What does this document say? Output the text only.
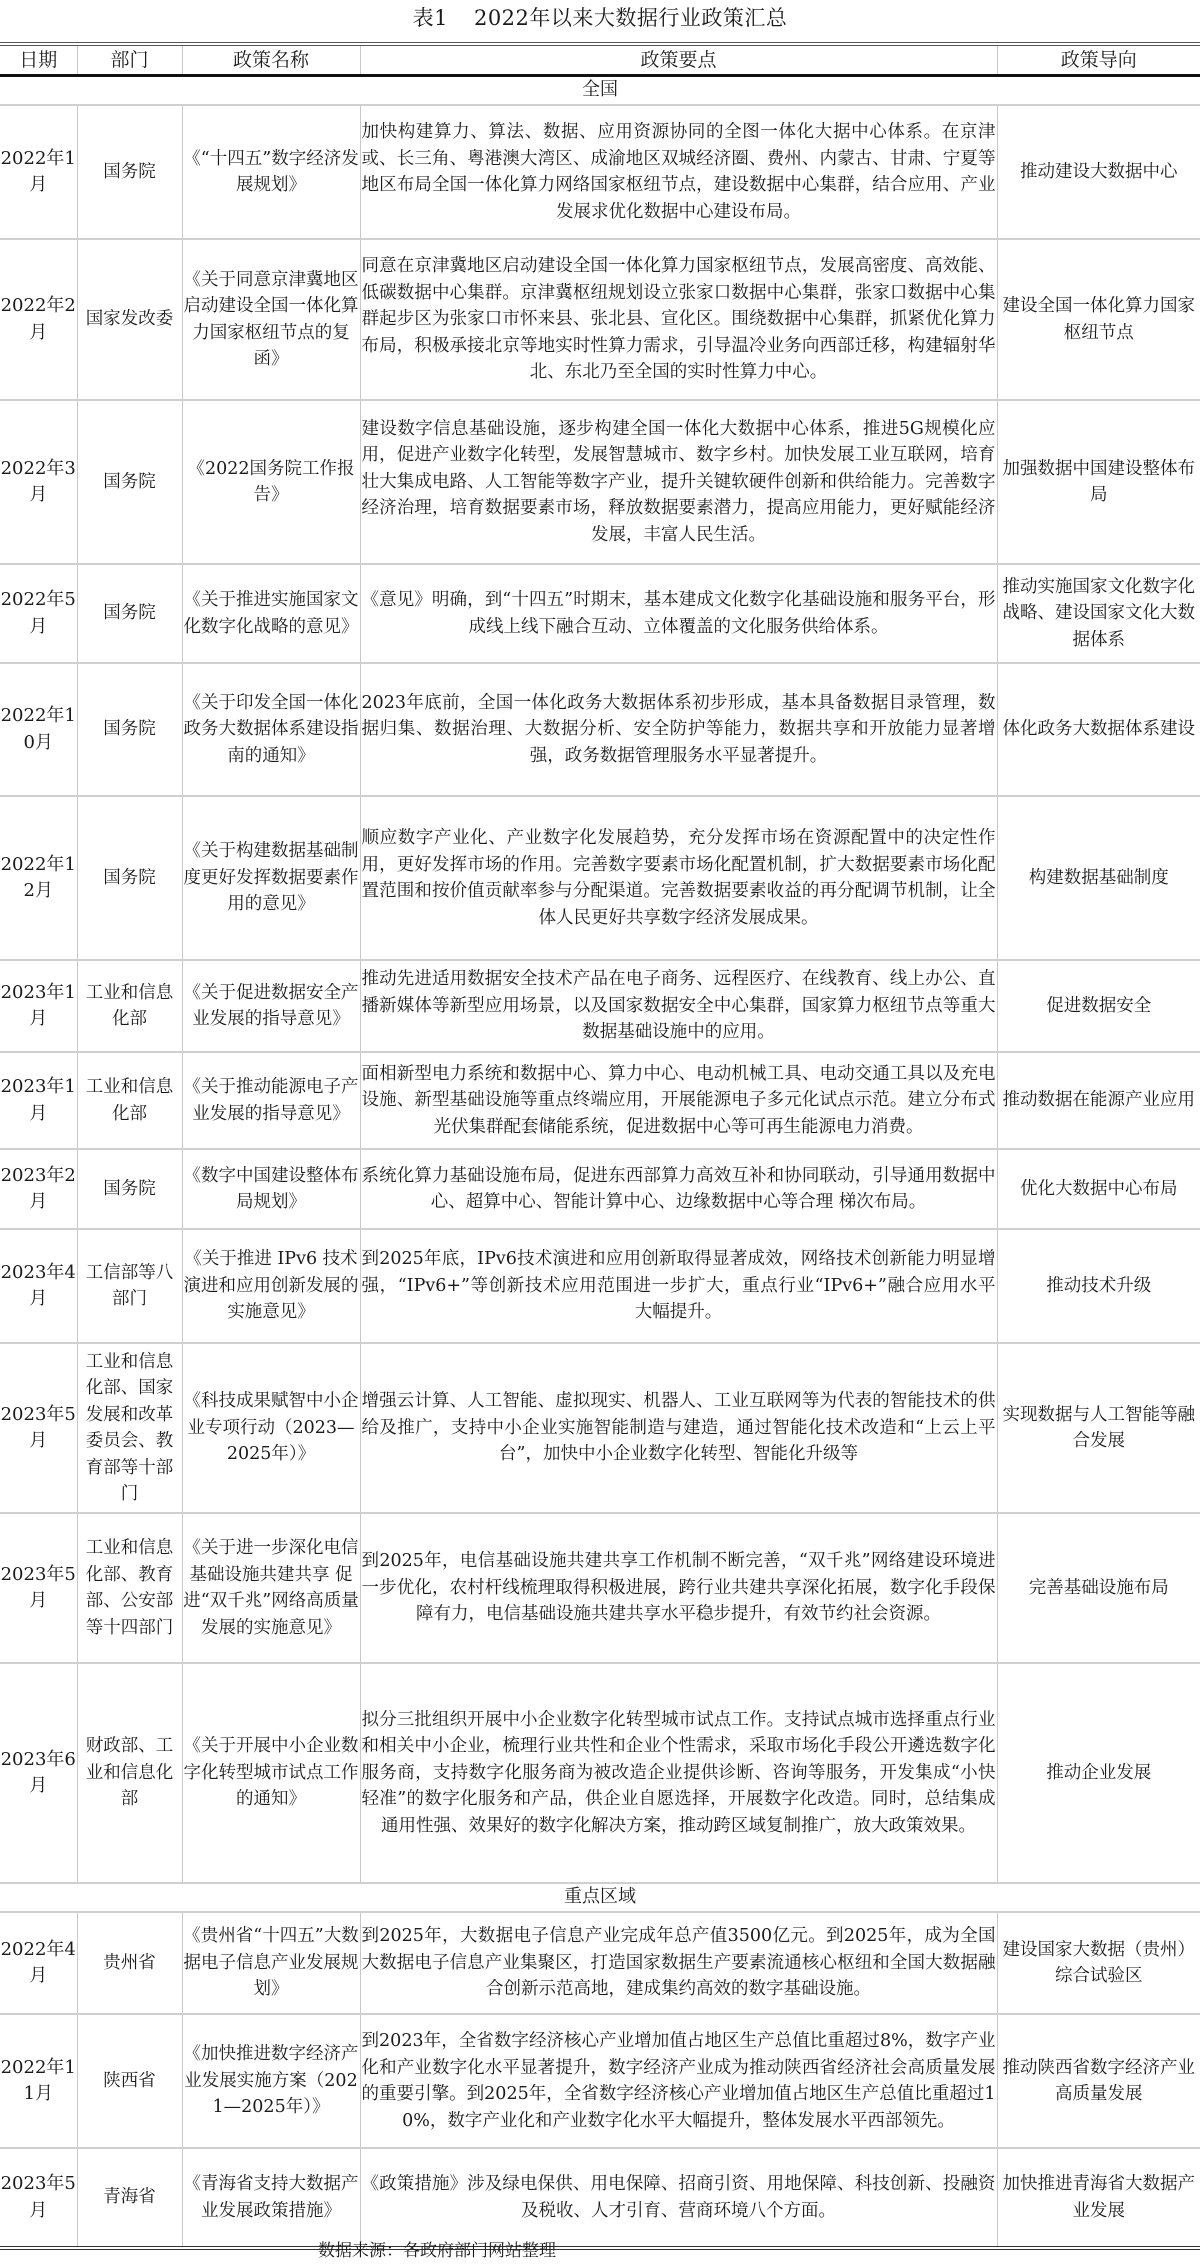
表1 2022年以来大数据行业政策汇总
日期	部门	政策名称	政策要点	政策导向
全国				
2022年1月	国务院	《“十四五”数字经济发展规划》	加快构建算力、算法、数据、应用资源协同的全图一体化大据中心体系。在京津或、长三角、粤港澳大湾区、成渝地区双城经济圈、费州、内蒙古、甘肃、宁夏等地区布局全国一体化算力网络国家枢纽节点，建设数据中心集群，结合应用、产业发展求优化数据中心建设布局。	推动建设大数据中心
2022年2月	国家发改委	《关于同意京津冀地区启动建设全国一体化算力国家枢纽节点的复函》	同意在京津冀地区启动建设全国一体化算力国家枢纽节点，发展高密度、高效能、低碳数据中心集群。京津冀枢纽规划设立张家口数据中心集群，张家口数据中心集群起步区为张家口市怀来县、张北县、宣化区。围绕数据中心集群，抓紧优化算力布局，积极承接北京等地实时性算力需求，引导温冷业务向西部迁移，构建辐射华北、东北乃至全国的实时性算力中心。	建设全国一体化算力国家枢纽节点
2022年3月	国务院	《2022国务院工作报告》	建设数字信息基础设施，逐步构建全国一体化大数据中心体系，推进5G规模化应用，促进产业数字化转型，发展智慧城市、数字乡村。加快发展工业互联网，培育壮大集成电路、人工智能等数字产业，提升关键软硬件创新和供给能力。完善数字经济治理，培育数据要素市场，释放数据要素潜力，提高应用能力，更好赋能经济发展，丰富人民生活。	加强数据中国建设整体布局
2022年5月	国务院	《关于推进实施国家文化数字化战略的意见》	《意见》明确，到“十四五”时期末，基本建成文化数字化基础设施和服务平台，形成线上线下融合互动、立体覆盖的文化服务供给体系。	推动实施国家文化数字化战略、建设国家文化大数据体系
2022年10月	国务院	《关于印发全国一体化政务大数据体系建设指南的通知》	2023年底前，全国一体化政务大数据体系初步形成，基本具备数据目录管理，数据归集、数据治理、大数据分析、安全防护等能力，数据共享和开放能力显著增强，政务数据管理服务水平显著提升。	体化政务大数据体系建设
2022年12月	国务院	《关于构建数据基础制度更好发挥数据要素作用的意见》	顺应数字产业化、产业数字化发展趋势，充分发挥市场在资源配置中的决定性作用，更好发挥市场的作用。完善数字要素市场化配置机制，扩大数据要素市场化配置范围和按价值贡献率参与分配渠道。完善数据要素收益的再分配调节机制，让全体人民更好共享数字经济发展成果。	构建数据基础制度
2023年1月	工业和信息化部	《关于促进数据安全产业发展的指导意见》	推动先进适用数据安全技术产品在电子商务、远程医疗、在线教育、线上办公、直播新媒体等新型应用场景，以及国家数据安全中心集群，国家算力枢纽节点等重大数据基础设施中的应用。	促进数据安全
2023年1月	工业和信息化部	《关于推动能源电子产业发展的指导意见》	面相新型电力系统和数据中心、算力中心、电动机械工具、电动交通工具以及充电设施、新型基础设施等重点终端应用，开展能源电子多元化试点示范。建立分布式光伏集群配套储能系统，促进数据中心等可再生能源电力消费。	推动数据在能源产业应用
2023年2月	国务院	《数字中国建设整体布局规划》	系统化算力基础设施布局，促进东西部算力高效互补和协同联动，引导通用数据中心、超算中心、智能计算中心、边缘数据中心等合理 梯次布局。	优化大数据中心布局
2023年4月	工信部等八部门	《关于推进 IPv6 技术演进和应用创新发展的实施意见》	到2025年底，IPv6技术演进和应用创新取得显著成效，网络技术创新能力明显增强，“IPv6+”等创新技术应用范围进一步扩大，重点行业“IPv6+”融合应用水平大幅提升。	推动技术升级
2023年5月	工业和信息化部、国家发展和改革委员会、教育部等十部门	《科技成果赋智中小企业专项行动（2023—2025年）》	增强云计算、人工智能、虚拟现实、机器人、工业互联网等为代表的智能技术的供给及推广，支持中小企业实施智能制造与建造，通过智能化技术改造和“上云上平台”，加快中小企业数字化转型、智能化升级等	实现数据与人工智能等融合发展
2023年5月	工业和信息化部、教育部、公安部等十四部门	《关于进一步深化电信基础设施共建共享 促进“双千兆”网络高质量发展的实施意见》	到2025年，电信基础设施共建共享工作机制不断完善，“双千兆”网络建设环境进一步优化，农村杆线梳理取得积极进展，跨行业共建共享深化拓展，数字化手段保障有力，电信基础设施共建共享水平稳步提升，有效节约社会资源。	完善基础设施布局
2023年6月	财政部、工业和信息化部	《关于开展中小企业数字化转型城市试点工作的通知》	拟分三批组织开展中小企业数字化转型城市试点工作。支持试点城市选择重点行业和相关中小企业，梳理行业共性和企业个性需求，采取市场化手段公开遴选数字化服务商，支持数字化服务商为被改造企业提供诊断、咨询等服务，开发集成“小快轻准”的数字化服务和产品，供企业自愿选择，开展数字化改造。同时，总结集成通用性强、效果好的数字化解决方案，推动跨区域复制推广，放大政策效果。	推动企业发展
重点区域				
2022年4月	贵州省	《贵州省“十四五”大数据电子信息产业发展规划》	到2025年，大数据电子信息产业完成年总产值3500亿元。到2025年，成为全国大数据电子信息产业集聚区，打造国家数据生产要素流通核心枢纽和全国大数据融合创新示范高地，建成集约高效的数字基础设施。	建设国家大数据（贵州）综合试验区
2022年11月	陕西省	《加快推进数字经济产业发展实施方案（2021—2025年）》	到2023年，全省数字经济核心产业增加值占地区生产总值比重超过8%，数字产业化和产业数字化水平显著提升，数字经济产业成为推动陕西省经济社会高质量发展的重要引擎。到2025年，全省数字经济核心产业增加值占地区生产总值比重超过10%，数字产业化和产业数字化水平大幅提升，整体发展水平西部领先。	推动陕西省数字经济产业高质量发展
2023年5月	青海省	《青海省支持大数据产业发展政策措施》	《政策措施》涉及绿电保供、用电保障、招商引资、用地保障、科技创新、投融资及税收、人才引育、营商环境八个方面。	加快推进青海省大数据产业发展
数据来源：各政府部门网站整理
